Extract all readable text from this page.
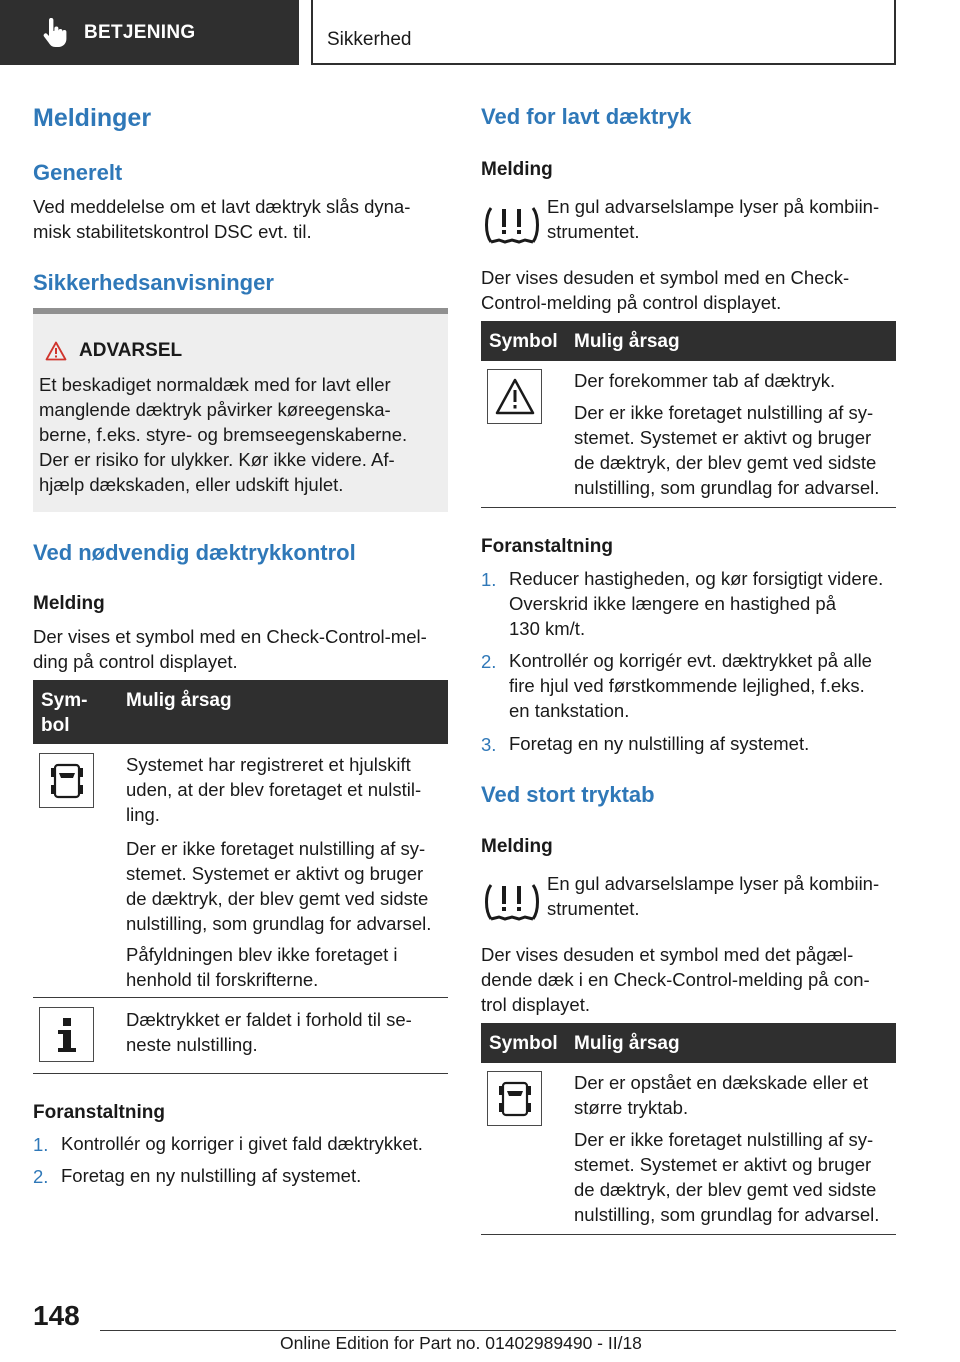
BETJENING	Sikkerhed
Meldinger
Generelt
Ved meddelelse om et lavt dæktryk slås dyna-
misk stabilitetskontrol DSC evt. til.
Sikkerhedsanvisninger
ADVARSEL
Et beskadiget normaldæk med for lavt eller
manglende dæktryk påvirker køreegenska-
berne, f.eks. styre- og bremseegenskaberne.
Der er risiko for ulykker. Kør ikke videre. Af-
hjælp dækskaden, eller udskift hjulet.
Ved nødvendig dæktrykkontrol
Melding
Der vises et symbol med en Check-Control-mel-
ding på control displayet.
Sym-
bol
Mulig årsag
Systemet har registreret et hjulskift
uden, at der blev foretaget et nulstil-
ling.
Der er ikke foretaget nulstilling af sy-
stemet. Systemet er aktivt og bruger
de dæktryk, der blev gemt ved sidste
nulstilling, som grundlag for advarsel.
Påfyldningen blev ikke foretaget i
henhold til forskrifterne.
Dæktrykket er faldet i forhold til se-
neste nulstilling.
Foranstaltning
1. Kontrollér og korriger i givet fald dæktrykket.
2. Foretag en ny nulstilling af systemet.
Ved for lavt dæktryk
Melding
En gul advarselslampe lyser på kombiin-
strumentet.
Der vises desuden et symbol med en Check-
Control-melding på control displayet.
Symbol Mulig årsag
Der forekommer tab af dæktryk.
Der er ikke foretaget nulstilling af sy-
stemet. Systemet er aktivt og bruger
de dæktryk, der blev gemt ved sidste
nulstilling, som grundlag for advarsel.
Foranstaltning
1. Reducer hastigheden, og kør forsigtigt videre.
Overskrid ikke længere en hastighed på
130 km/t.
2. Kontrollér og korrigér evt. dæktrykket på alle
fire hjul ved førstkommende lejlighed, f.eks.
en tankstation.
3. Foretag en ny nulstilling af systemet.
Ved stort tryktab
Melding
En gul advarselslampe lyser på kombiin-
strumentet.
Der vises desuden et symbol med det pågæl-
dende dæk i en Check-Control-melding på con-
trol displayet.
Symbol Mulig årsag
Der er opstået en dækskade eller et
større tryktab.
Der er ikke foretaget nulstilling af sy-
stemet. Systemet er aktivt og bruger
de dæktryk, der blev gemt ved sidste
nulstilling, som grundlag for advarsel.
148
Online Edition for Part no. 01402989490 - II/18
